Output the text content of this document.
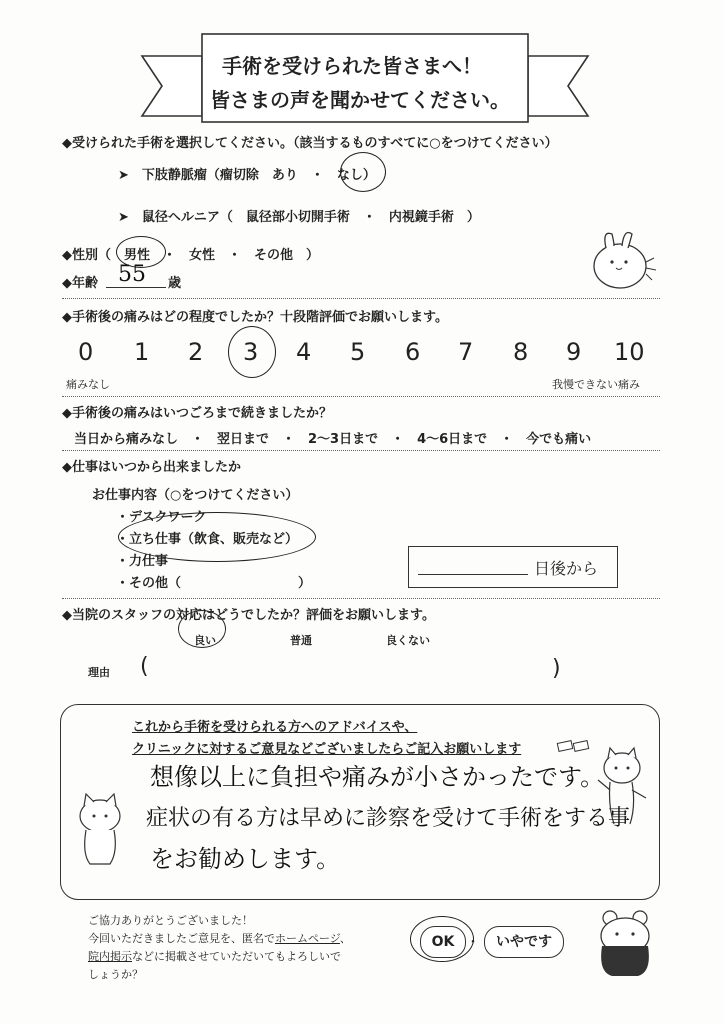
手術を受けられた皆さまへ！
皆さまの声を聞かせてください。
◆受けられた手術を選択してください。（該当するものすべてに○をつけてください）
➤　下肢静脈瘤（瘤切除　あり　・　なし）
➤　鼠径ヘルニア（　鼠径部小切開手術　・　内視鏡手術　）
◆性別（ 男性　・　女性　・　その他　）
◆年齢 55 歳
◆手術後の痛みはどの程度でしたか？十段階評価でお願いします。
0 1 2 3 4 5 6 7 8 9 10
痛みなし	我慢できない痛み
◆手術後の痛みはいつごろまで続きましたか？
当日から痛みなし　・　翌日まで　・　2～3日まで　・　4～6日まで　・　今でも痛い
◆仕事はいつから出来ましたか
お仕事内容（○をつけてください）
・デスクワーク
・立ち仕事（飲食、販売など）
・力仕事
・その他（　　　　　　　　　）
日後から
◆当院のスタッフの対応はどうでしたか？評価をお願いします。
良い	普通	良くない
理由 (	)
これから手術を受けられる方へのアドバイスや、
クリニックに対するご意見などございましたらご記入お願いします
想像以上に負担や痛みが小さかったです。
症状の有る方は早めに診察を受けて手術をする事
をお勧めします。
ご協力ありがとうございました！
今回いただきましたご意見を、匿名でホームページ、
院内掲示などに掲載させていただいてもよろしいで
しょうか？
OK ・	いやです
